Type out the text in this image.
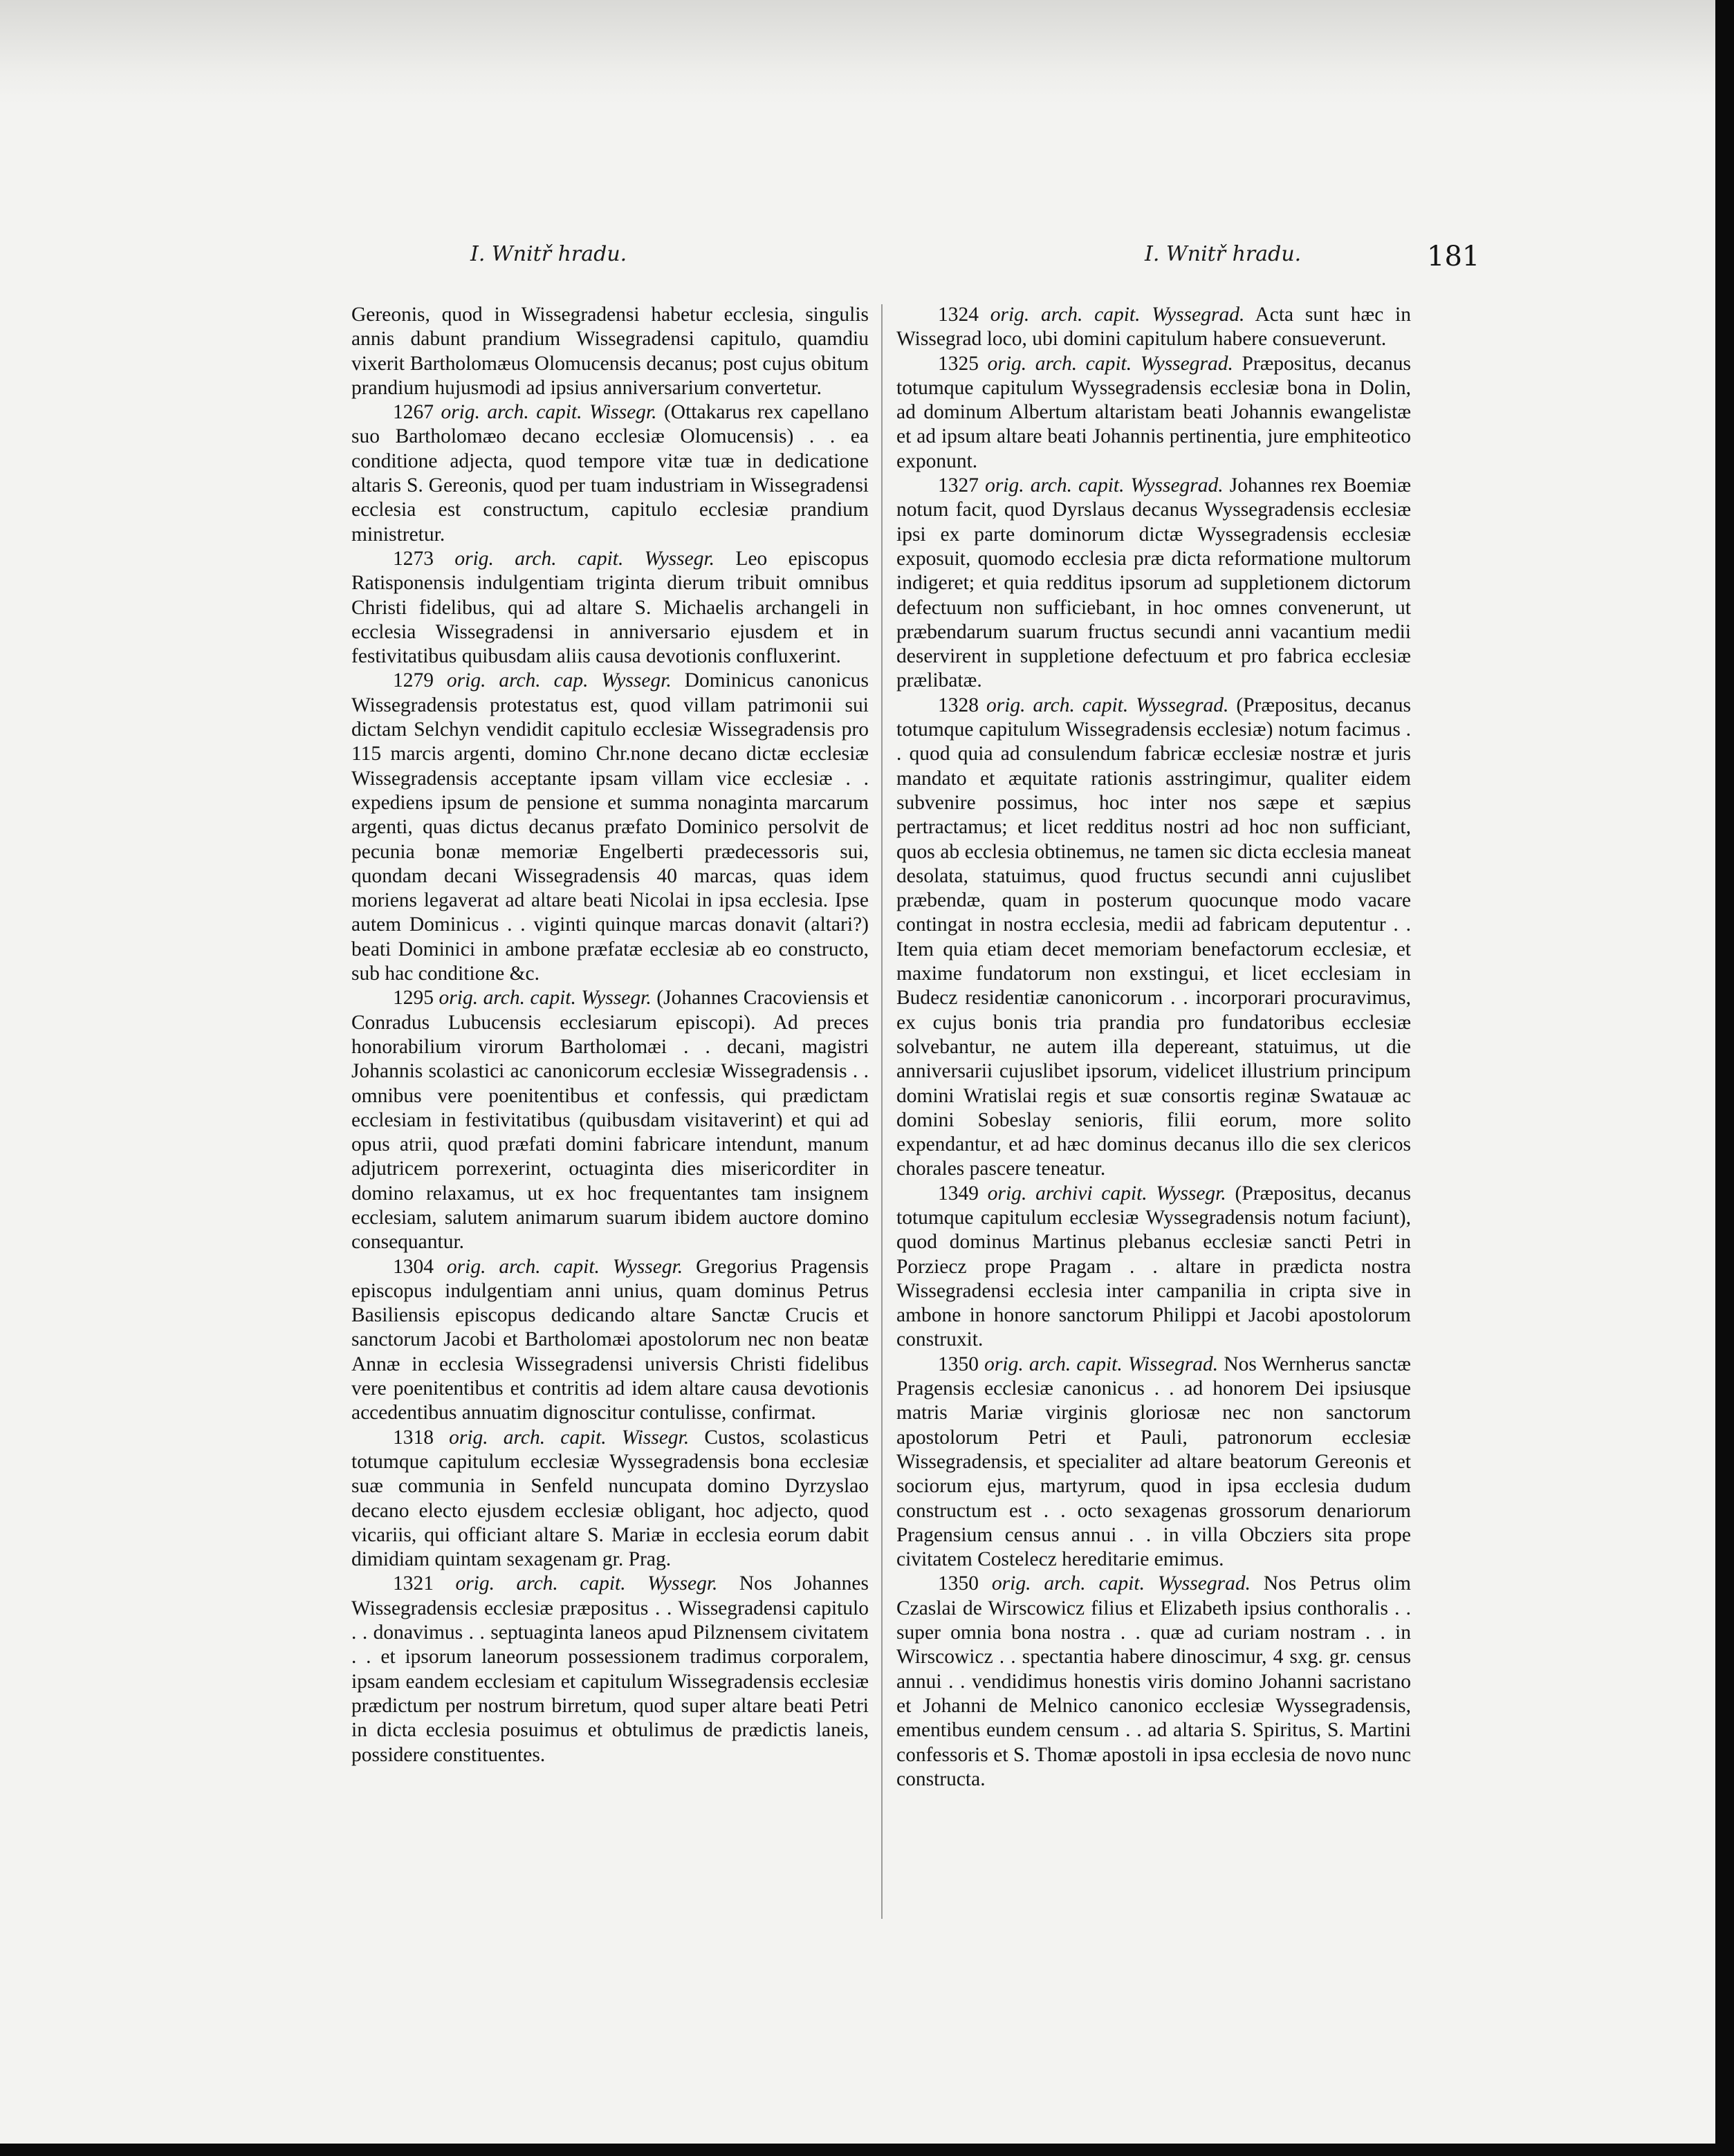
I. Wnitř hradu.	I. Wnitř hradu.	181

Gereonis, quod in Wissegradensi habetur ecclesia, singulis annis dabunt prandium Wissegradensi capitulo, quamdiu vixerit Bartholomæus Olomucensis decanus; post cujus obitum prandium hujusmodi ad ipsius anniversarium convertetur.

1267 orig. arch. capit. Wissegr. (Ottakarus rex capellano suo Bartholomæo decano ecclesiæ Olomucensis) . . ea conditione adjecta, quod tempore vitæ tuæ in dedicatione altaris S. Gereonis, quod per tuam industriam in Wissegradensi ecclesia est constructum, capitulo ecclesiæ prandium ministretur.

1273 orig. arch. capit. Wyssegr. Leo episcopus Ratisponensis indulgentiam triginta dierum tribuit omnibus Christi fidelibus, qui ad altare S. Michaelis archangeli in ecclesia Wissegradensi in anniversario ejusdem et in festivitatibus quibusdam aliis causa devotionis confluxerint.

1279 orig. arch. cap. Wyssegr. Dominicus canonicus Wissegradensis protestatus est, quod villam patrimonii sui dictam Selchyn vendidit capitulo ecclesiæ Wissegradensis pro 115 marcis argenti, domino Chr.none decano dictæ ecclesiæ Wissegradensis acceptante ipsam villam vice ecclesiæ . . expediens ipsum de pensione et summa nonaginta marcarum argenti, quas dictus decanus præfato Dominico persolvit de pecunia bonæ memoriæ Engelberti prædecessoris sui, quondam decani Wissegradensis 40 marcas, quas idem moriens legaverat ad altare beati Nicolai in ipsa ecclesia. Ipse autem Dominicus . . viginti quinque marcas donavit (altari?) beati Dominici in ambone præfatæ ecclesiæ ab eo constructo, sub hac conditione &c.

1295 orig. arch. capit. Wyssegr. (Johannes Cracoviensis et Conradus Lubucensis ecclesiarum episcopi). Ad preces honorabilium virorum Bartholomæi . . decani, magistri Johannis scolastici ac canonicorum ecclesiæ Wissegradensis . . omnibus vere poenitentibus et confessis, qui prædictam ecclesiam in festivitatibus (quibusdam visitaverint) et qui ad opus atrii, quod præfati domini fabricare intendunt, manum adjutricem porrexerint, octuaginta dies misericorditer in domino relaxamus, ut ex hoc frequentantes tam insignem ecclesiam, salutem animarum suarum ibidem auctore domino consequantur.

1304 orig. arch. capit. Wyssegr. Gregorius Pragensis episcopus indulgentiam anni unius, quam dominus Petrus Basiliensis episcopus dedicando altare Sanctæ Crucis et sanctorum Jacobi et Bartholomæi apostolorum nec non beatæ Annæ in ecclesia Wissegradensi universis Christi fidelibus vere poenitentibus et contritis ad idem altare causa devotionis accedentibus annuatim dignoscitur contulisse, confirmat.

1318 orig. arch. capit. Wissegr. Custos, scolasticus totumque capitulum ecclesiæ Wyssegradensis bona ecclesiæ suæ communia in Senfeld nuncupata domino Dyrzyslao decano electo ejusdem ecclesiæ obligant, hoc adjecto, quod vicariis, qui officiant altare S. Mariæ in ecclesia eorum dabit dimidiam quintam sexagenam gr. Prag.

1321 orig. arch. capit. Wyssegr. Nos Johannes Wissegradensis ecclesiæ præpositus . . Wissegradensi capitulo . . donavimus . . septuaginta laneos apud Pilznensem civitatem . . et ipsorum laneorum possessionem tradimus corporalem, ipsam eandem ecclesiam et capitulum Wissegradensis ecclesiæ prædictum per nostrum birretum, quod super altare beati Petri in dicta ecclesia posuimus et obtulimus de prædictis laneis, possidere constituentes.

1324 orig. arch. capit. Wyssegrad. Acta sunt hæc in Wissegrad loco, ubi domini capitulum habere consueverunt.

1325 orig. arch. capit. Wyssegrad. Præpositus, decanus totumque capitulum Wyssegradensis ecclesiæ bona in Dolin, ad dominum Albertum altaristam beati Johannis ewangelistæ et ad ipsum altare beati Johannis pertinentia, jure emphiteotico exponunt.

1327 orig. arch. capit. Wyssegrad. Johannes rex Boemiæ notum facit, quod Dyrslaus decanus Wyssegradensis ecclesiæ ipsi ex parte dominorum dictæ Wyssegradensis ecclesiæ exposuit, quomodo ecclesia præ dicta reformatione multorum indigeret; et quia redditus ipsorum ad suppletionem dictorum defectuum non sufficiebant, in hoc omnes convenerunt, ut præbendarum suarum fructus secundi anni vacantium medii deservirent in suppletione defectuum et pro fabrica ecclesiæ prælibatæ.

1328 orig. arch. capit. Wyssegrad. (Præpositus, decanus totumque capitulum Wissegradensis ecclesiæ) notum facimus . . quod quia ad consulendum fabricæ ecclesiæ nostræ et juris mandato et æquitate rationis asstringimur, qualiter eidem subvenire possimus, hoc inter nos sæpe et sæpius pertractamus; et licet redditus nostri ad hoc non sufficiant, quos ab ecclesia obtinemus, ne tamen sic dicta ecclesia maneat desolata, statuimus, quod fructus secundi anni cujuslibet præbendæ, quam in posterum quocunque modo vacare contingat in nostra ecclesia, medii ad fabricam deputentur . . Item quia etiam decet memoriam benefactorum ecclesiæ, et maxime fundatorum non exstingui, et licet ecclesiam in Budecz residentiæ canonicorum . . incorporari procuravimus, ex cujus bonis tria prandia pro fundatoribus ecclesiæ solvebantur, ne autem illa depereant, statuimus, ut die anniversarii cujuslibet ipsorum, videlicet illustrium principum domini Wratislai regis et suæ consortis reginæ Swatauæ ac domini Sobeslay senioris, filii eorum, more solito expendantur, et ad hæc dominus decanus illo die sex clericos chorales pascere teneatur.

1349 orig. archivi capit. Wyssegr. (Præpositus, decanus totumque capitulum ecclesiæ Wyssegradensis notum faciunt), quod dominus Martinus plebanus ecclesiæ sancti Petri in Porziecz prope Pragam . . altare in prædicta nostra Wissegradensi ecclesia inter campanilia in cripta sive in ambone in honore sanctorum Philippi et Jacobi apostolorum construxit.

1350 orig. arch. capit. Wissegrad. Nos Wernherus sanctæ Pragensis ecclesiæ canonicus . . ad honorem Dei ipsiusque matris Mariæ virginis gloriosæ nec non sanctorum apostolorum Petri et Pauli, patronorum ecclesiæ Wissegradensis, et specialiter ad altare beatorum Gereonis et sociorum ejus, martyrum, quod in ipsa ecclesia dudum constructum est . . octo sexagenas grossorum denariorum Pragensium census annui . . in villa Obcziers sita prope civitatem Costelecz hereditarie emimus.

1350 orig. arch. capit. Wyssegrad. Nos Petrus olim Czaslai de Wirscowicz filius et Elizabeth ipsius conthoralis . . super omnia bona nostra . . quæ ad curiam nostram . . in Wirscowicz . . spectantia habere dinoscimur, 4 sxg. gr. census annui . . vendidimus honestis viris domino Johanni sacristano et Johanni de Melnico canonico ecclesiæ Wyssegradensis, ementibus eundem censum . . ad altaria S. Spiritus, S. Martini confessoris et S. Thomæ apostoli in ipsa ecclesia de novo nunc constructa.
